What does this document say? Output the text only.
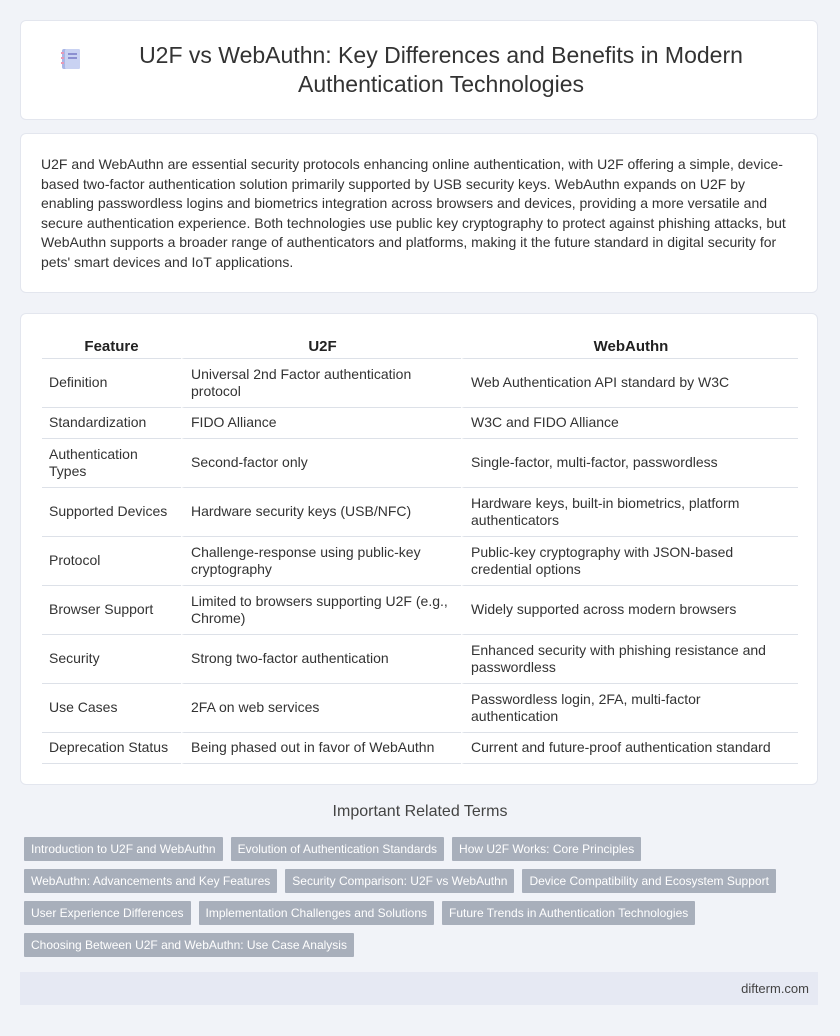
U2F vs WebAuthn: Key Differences and Benefits in Modern Authentication Technologies

U2F and WebAuthn are essential security protocols enhancing online authentication, with U2F offering a simple, device-based two-factor authentication solution primarily supported by USB security keys. WebAuthn expands on U2F by enabling passwordless logins and biometrics integration across browsers and devices, providing a more versatile and secure authentication experience. Both technologies use public key cryptography to protect against phishing attacks, but WebAuthn supports a broader range of authenticators and platforms, making it the future standard in digital security for pets' smart devices and IoT applications.

Feature	U2F	WebAuthn
Definition	Universal 2nd Factor authentication protocol	Web Authentication API standard by W3C
Standardization	FIDO Alliance	W3C and FIDO Alliance
Authentication Types	Second-factor only	Single-factor, multi-factor, passwordless
Supported Devices	Hardware security keys (USB/NFC)	Hardware keys, built-in biometrics, platform authenticators
Protocol	Challenge-response using public-key cryptography	Public-key cryptography with JSON-based credential options
Browser Support	Limited to browsers supporting U2F (e.g., Chrome)	Widely supported across modern browsers
Security	Strong two-factor authentication	Enhanced security with phishing resistance and passwordless
Use Cases	2FA on web services	Passwordless login, 2FA, multi-factor authentication
Deprecation Status	Being phased out in favor of WebAuthn	Current and future-proof authentication standard
Important Related Terms
Introduction to U2F and WebAuthn	Evolution of Authentication Standards	How U2F Works: Core Principles
WebAuthn: Advancements and Key Features	Security Comparison: U2F vs WebAuthn	Device Compatibility and Ecosystem Support
User Experience Differences	Implementation Challenges and Solutions	Future Trends in Authentication Technologies
Choosing Between U2F and WebAuthn: Use Case Analysis
difterm.com
